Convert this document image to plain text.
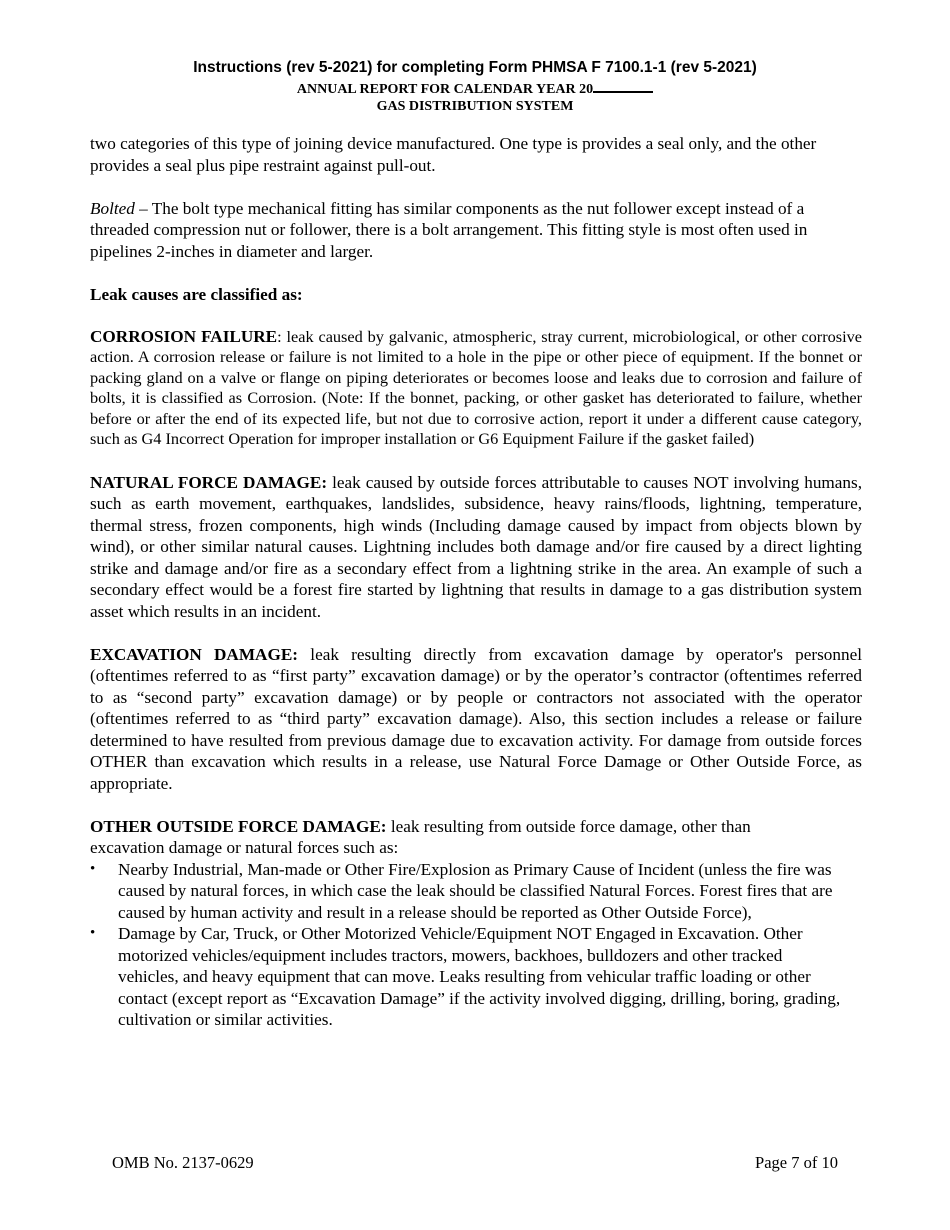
Instructions (rev 5-2021) for completing Form PHMSA F 7100.1-1 (rev 5-2021)
ANNUAL REPORT FOR CALENDAR YEAR 20
GAS DISTRIBUTION SYSTEM

two categories of this type of joining device manufactured. One type is provides a seal only, and the other provides a seal plus pipe restraint against pull-out.

Bolted – The bolt type mechanical fitting has similar components as the nut follower except instead of a threaded compression nut or follower, there is a bolt arrangement. This fitting style is most often used in pipelines 2-inches in diameter and larger.

Leak causes are classified as:

CORROSION FAILURE: leak caused by galvanic, atmospheric, stray current, microbiological, or other corrosive action. A corrosion release or failure is not limited to a hole in the pipe or other piece of equipment. If the bonnet or packing gland on a valve or flange on piping deteriorates or becomes loose and leaks due to corrosion and failure of bolts, it is classified as Corrosion. (Note: If the bonnet, packing, or other gasket has deteriorated to failure, whether before or after the end of its expected life, but not due to corrosive action, report it under a different cause category, such as G4 Incorrect Operation for improper installation or G6 Equipment Failure if the gasket failed)

NATURAL FORCE DAMAGE: leak caused by outside forces attributable to causes NOT involving humans, such as earth movement, earthquakes, landslides, subsidence, heavy rains/floods, lightning, temperature, thermal stress, frozen components, high winds (Including damage caused by impact from objects blown by wind), or other similar natural causes. Lightning includes both damage and/or fire caused by a direct lighting strike and damage and/or fire as a secondary effect from a lightning strike in the area. An example of such a secondary effect would be a forest fire started by lightning that results in damage to a gas distribution system asset which results in an incident.

EXCAVATION DAMAGE: leak resulting directly from excavation damage by operator's personnel (oftentimes referred to as “first party” excavation damage) or by the operator’s contractor (oftentimes referred to as “second party” excavation damage) or by people or contractors not associated with the operator (oftentimes referred to as “third party” excavation damage). Also, this section includes a release or failure determined to have resulted from previous damage due to excavation activity. For damage from outside forces OTHER than excavation which results in a release, use Natural Force Damage or Other Outside Force, as appropriate.

OTHER OUTSIDE FORCE DAMAGE: leak resulting from outside force damage, other than excavation damage or natural forces such as:

• Nearby Industrial, Man-made or Other Fire/Explosion as Primary Cause of Incident (unless the fire was caused by natural forces, in which case the leak should be classified Natural Forces. Forest fires that are caused by human activity and result in a release should be reported as Other Outside Force),
• Damage by Car, Truck, or Other Motorized Vehicle/Equipment NOT Engaged in Excavation. Other motorized vehicles/equipment includes tractors, mowers, backhoes, bulldozers and other tracked vehicles, and heavy equipment that can move. Leaks resulting from vehicular traffic loading or other contact (except report as “Excavation Damage” if the activity involved digging, drilling, boring, grading, cultivation or similar activities.
OMB No. 2137-0629	Page 7 of 10
